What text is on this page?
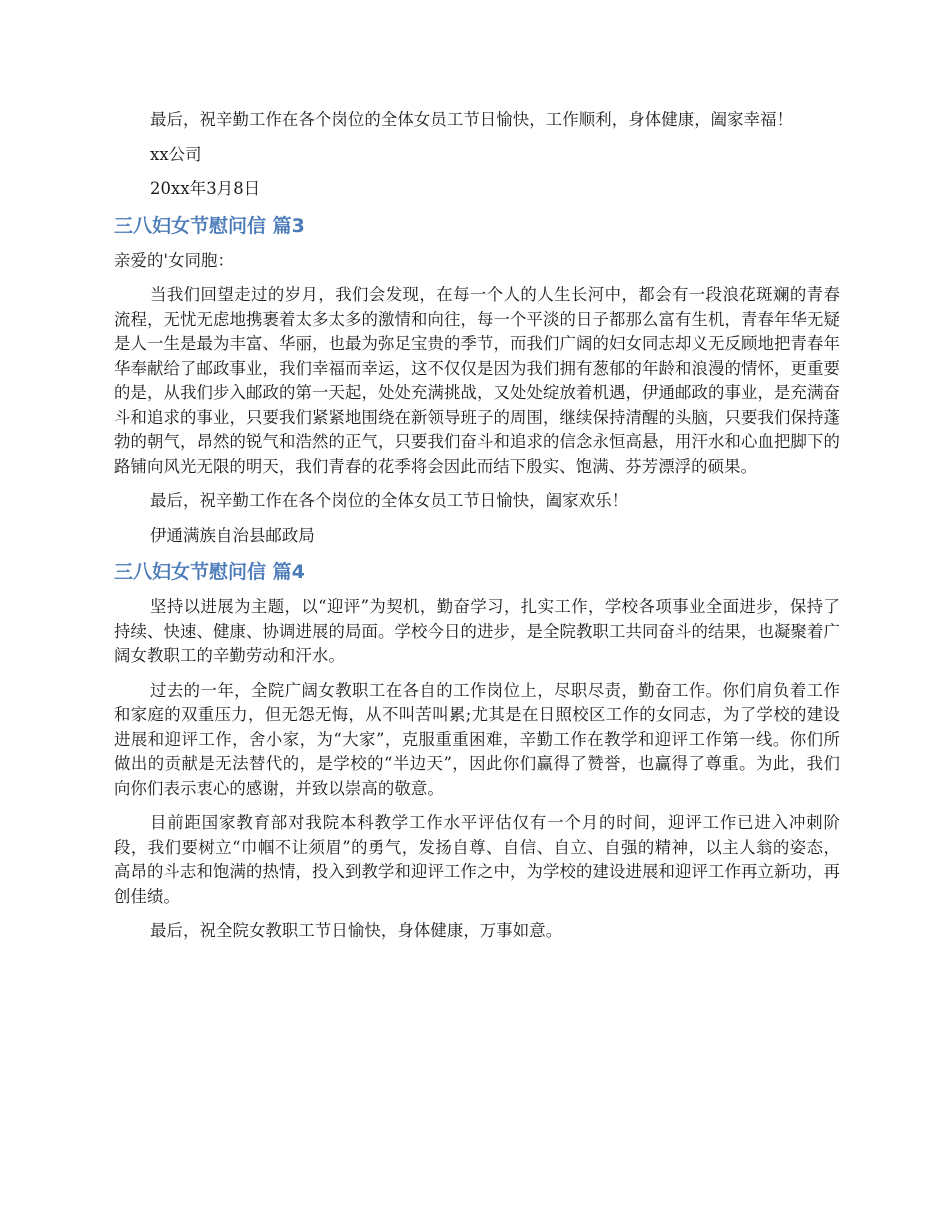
最后，祝辛勤工作在各个岗位的全体女员工节日愉快，工作顺利，身体健康，阖家幸福！

xx公司

20xx年3月8日

三八妇女节慰问信 篇3

亲爱的'女同胞：

当我们回望走过的岁月，我们会发现，在每一个人的人生长河中，都会有一段浪花斑斓的青春流程，无忧无虑地携裹着太多太多的激情和向往，每一个平淡的日子都那么富有生机，青春年华无疑是人一生是最为丰富、华丽，也最为弥足宝贵的季节，而我们广阔的妇女同志却义无反顾地把青春年华奉献给了邮政事业，我们幸福而幸运，这不仅仅是因为我们拥有葱郁的年龄和浪漫的情怀，更重要的是，从我们步入邮政的第一天起，处处充满挑战，又处处绽放着机遇，伊通邮政的事业，是充满奋斗和追求的事业，只要我们紧紧地围绕在新领导班子的周围，继续保持清醒的头脑，只要我们保持蓬勃的朝气，昂然的锐气和浩然的正气，只要我们奋斗和追求的信念永恒高悬，用汗水和心血把脚下的路铺向风光无限的明天，我们青春的花季将会因此而结下殷实、饱满、芬芳漂浮的硕果。

最后，祝辛勤工作在各个岗位的全体女员工节日愉快，阖家欢乐！

伊通满族自治县邮政局

三八妇女节慰问信 篇4

坚持以进展为主题，以“迎评”为契机，勤奋学习，扎实工作，学校各项事业全面进步，保持了持续、快速、健康、协调进展的局面。学校今日的进步，是全院教职工共同奋斗的结果，也凝聚着广阔女教职工的辛勤劳动和汗水。

过去的一年，全院广阔女教职工在各自的工作岗位上，尽职尽责，勤奋工作。你们肩负着工作和家庭的双重压力，但无怨无悔，从不叫苦叫累;尤其是在日照校区工作的女同志，为了学校的建设进展和迎评工作，舍小家，为“大家”，克服重重困难，辛勤工作在教学和迎评工作第一线。你们所做出的贡献是无法替代的，是学校的“半边天”，因此你们赢得了赞誉，也赢得了尊重。为此，我们向你们表示衷心的感谢，并致以崇高的敬意。

目前距国家教育部对我院本科教学工作水平评估仅有一个月的时间，迎评工作已进入冲刺阶段，我们要树立“巾帼不让须眉”的勇气，发扬自尊、自信、自立、自强的精神，以主人翁的姿态，高昂的斗志和饱满的热情，投入到教学和迎评工作之中，为学校的建设进展和迎评工作再立新功，再创佳绩。

最后，祝全院女教职工节日愉快，身体健康，万事如意。
